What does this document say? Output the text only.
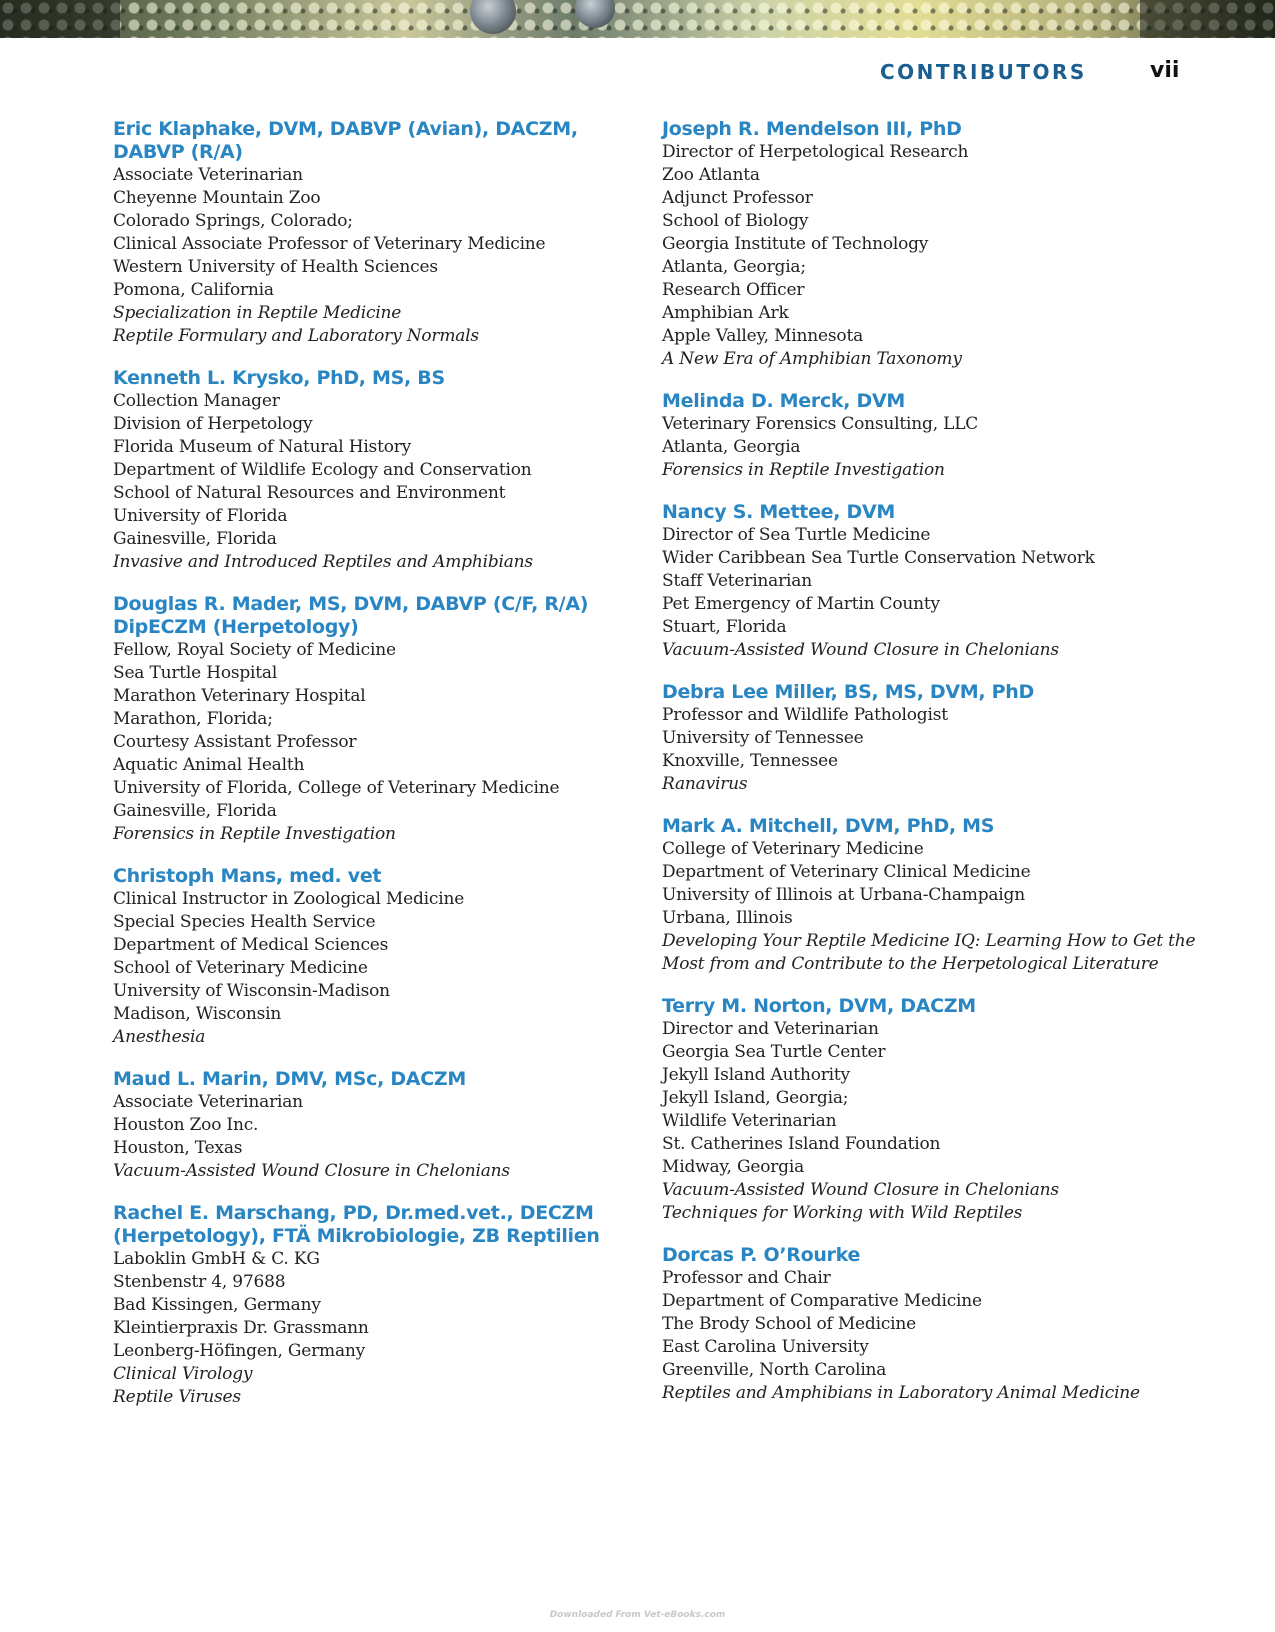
CONTRIBUTORS	vii
Eric Klaphake, DVM, DABVP (Avian), DACZM,
DABVP (R/A)
Associate Veterinarian
Cheyenne Mountain Zoo
Colorado Springs, Colorado;
Clinical Associate Professor of Veterinary Medicine
Western University of Health Sciences
Pomona, California
Specialization in Reptile Medicine
Reptile Formulary and Laboratory Normals
Kenneth L. Krysko, PhD, MS, BS
Collection Manager
Division of Herpetology
Florida Museum of Natural History
Department of Wildlife Ecology and Conservation
School of Natural Resources and Environment
University of Florida
Gainesville, Florida
Invasive and Introduced Reptiles and Amphibians
Douglas R. Mader, MS, DVM, DABVP (C/F, R/A)
DipECZM (Herpetology)
Fellow, Royal Society of Medicine
Sea Turtle Hospital
Marathon Veterinary Hospital
Marathon, Florida;
Courtesy Assistant Professor
Aquatic Animal Health
University of Florida, College of Veterinary Medicine
Gainesville, Florida
Forensics in Reptile Investigation
Christoph Mans, med. vet
Clinical Instructor in Zoological Medicine
Special Species Health Service
Department of Medical Sciences
School of Veterinary Medicine
University of Wisconsin-Madison
Madison, Wisconsin
Anesthesia
Maud L. Marin, DMV, MSc, DACZM
Associate Veterinarian
Houston Zoo Inc.
Houston, Texas
Vacuum-Assisted Wound Closure in Chelonians
Rachel E. Marschang, PD, Dr.med.vet., DECZM
(Herpetology), FTÄ Mikrobiologie, ZB Reptilien
Laboklin GmbH & C. KG
Stenbenstr 4, 97688
Bad Kissingen, Germany
Kleintierpraxis Dr. Grassmann
Leonberg-Höfingen, Germany
Clinical Virology
Reptile Viruses
Joseph R. Mendelson III, PhD
Director of Herpetological Research
Zoo Atlanta
Adjunct Professor
School of Biology
Georgia Institute of Technology
Atlanta, Georgia;
Research Officer
Amphibian Ark
Apple Valley, Minnesota
A New Era of Amphibian Taxonomy
Melinda D. Merck, DVM
Veterinary Forensics Consulting, LLC
Atlanta, Georgia
Forensics in Reptile Investigation
Nancy S. Mettee, DVM
Director of Sea Turtle Medicine
Wider Caribbean Sea Turtle Conservation Network
Staff Veterinarian
Pet Emergency of Martin County
Stuart, Florida
Vacuum-Assisted Wound Closure in Chelonians
Debra Lee Miller, BS, MS, DVM, PhD
Professor and Wildlife Pathologist
University of Tennessee
Knoxville, Tennessee
Ranavirus
Mark A. Mitchell, DVM, PhD, MS
College of Veterinary Medicine
Department of Veterinary Clinical Medicine
University of Illinois at Urbana-Champaign
Urbana, Illinois
Developing Your Reptile Medicine IQ: Learning How to Get the
Most from and Contribute to the Herpetological Literature
Terry M. Norton, DVM, DACZM
Director and Veterinarian
Georgia Sea Turtle Center
Jekyll Island Authority
Jekyll Island, Georgia;
Wildlife Veterinarian
St. Catherines Island Foundation
Midway, Georgia
Vacuum-Assisted Wound Closure in Chelonians
Techniques for Working with Wild Reptiles
Dorcas P. O’Rourke
Professor and Chair
Department of Comparative Medicine
The Brody School of Medicine
East Carolina University
Greenville, North Carolina
Reptiles and Amphibians in Laboratory Animal Medicine
Downloaded From Vet-eBooks.com
